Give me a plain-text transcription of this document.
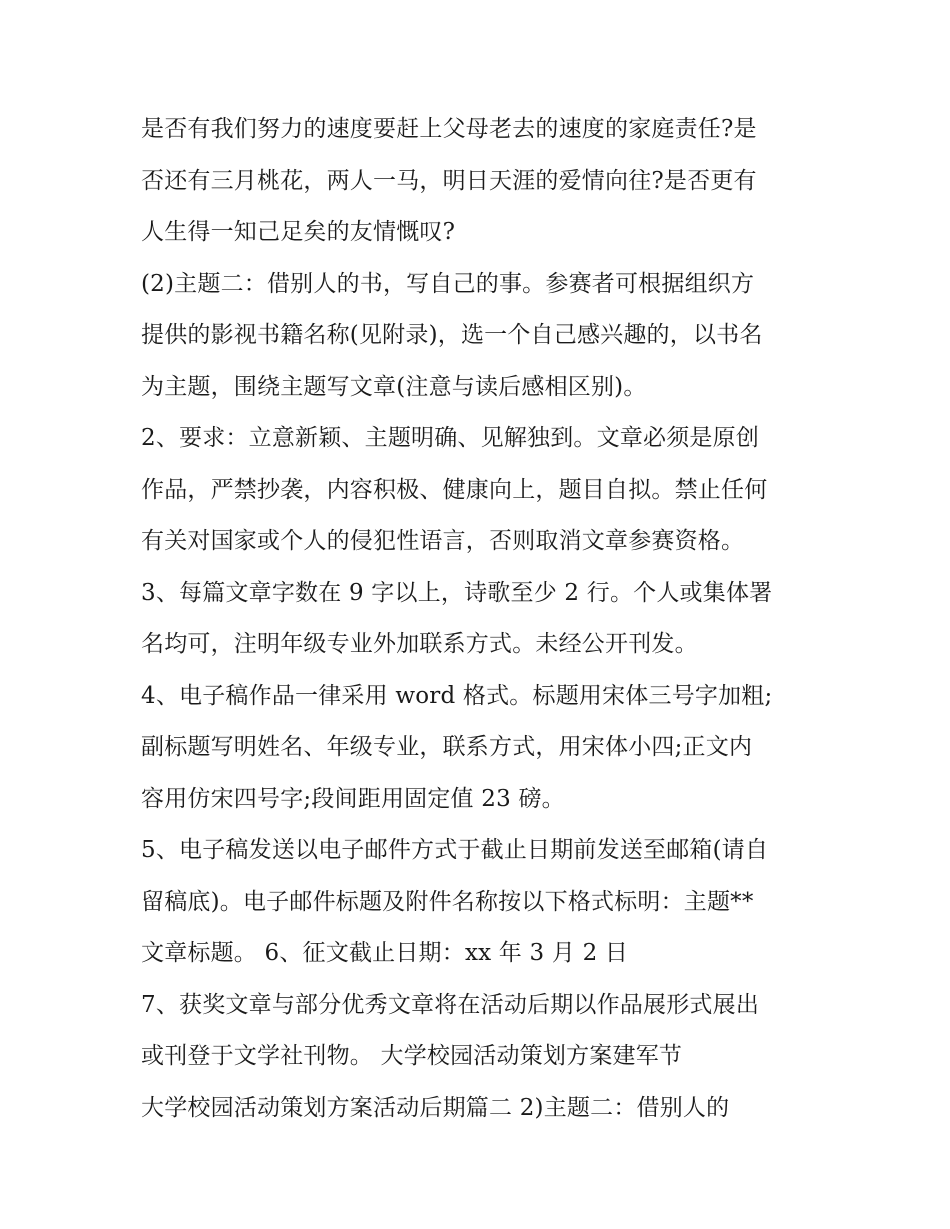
是否有我们努力的速度要赶上父母老去的速度的家庭责任?是
否还有三月桃花，两人一马，明日天涯的爱情向往?是否更有
人生得一知己足矣的友情慨叹?
(2)主题二：借别人的书，写自己的事。参赛者可根据组织方
提供的影视书籍名称(见附录)，选一个自己感兴趣的，以书名
为主题，围绕主题写文章(注意与读后感相区别)。
2、要求：立意新颖、主题明确、见解独到。文章必须是原创
作品，严禁抄袭，内容积极、健康向上，题目自拟。禁止任何
有关对国家或个人的侵犯性语言，否则取消文章参赛资格。
3、每篇文章字数在 9 字以上，诗歌至少 2 行。个人或集体署
名均可，注明年级专业外加联系方式。未经公开刊发。
4、电子稿作品一律采用 word 格式。标题用宋体三号字加粗;
副标题写明姓名、年级专业，联系方式，用宋体小四;正文内
容用仿宋四号字;段间距用固定值 23 磅。
5、电子稿发送以电子邮件方式于截止日期前发送至邮箱(请自
留稿底)。电子邮件标题及附件名称按以下格式标明：主题**
文章标题。 6、征文截止日期：xx 年 3 月 2 日
7、获奖文章与部分优秀文章将在活动后期以作品展形式展出
或刊登于文学社刊物。 大学校园活动策划方案建军节
大学校园活动策划方案活动后期篇二 2)主题二：借别人的
